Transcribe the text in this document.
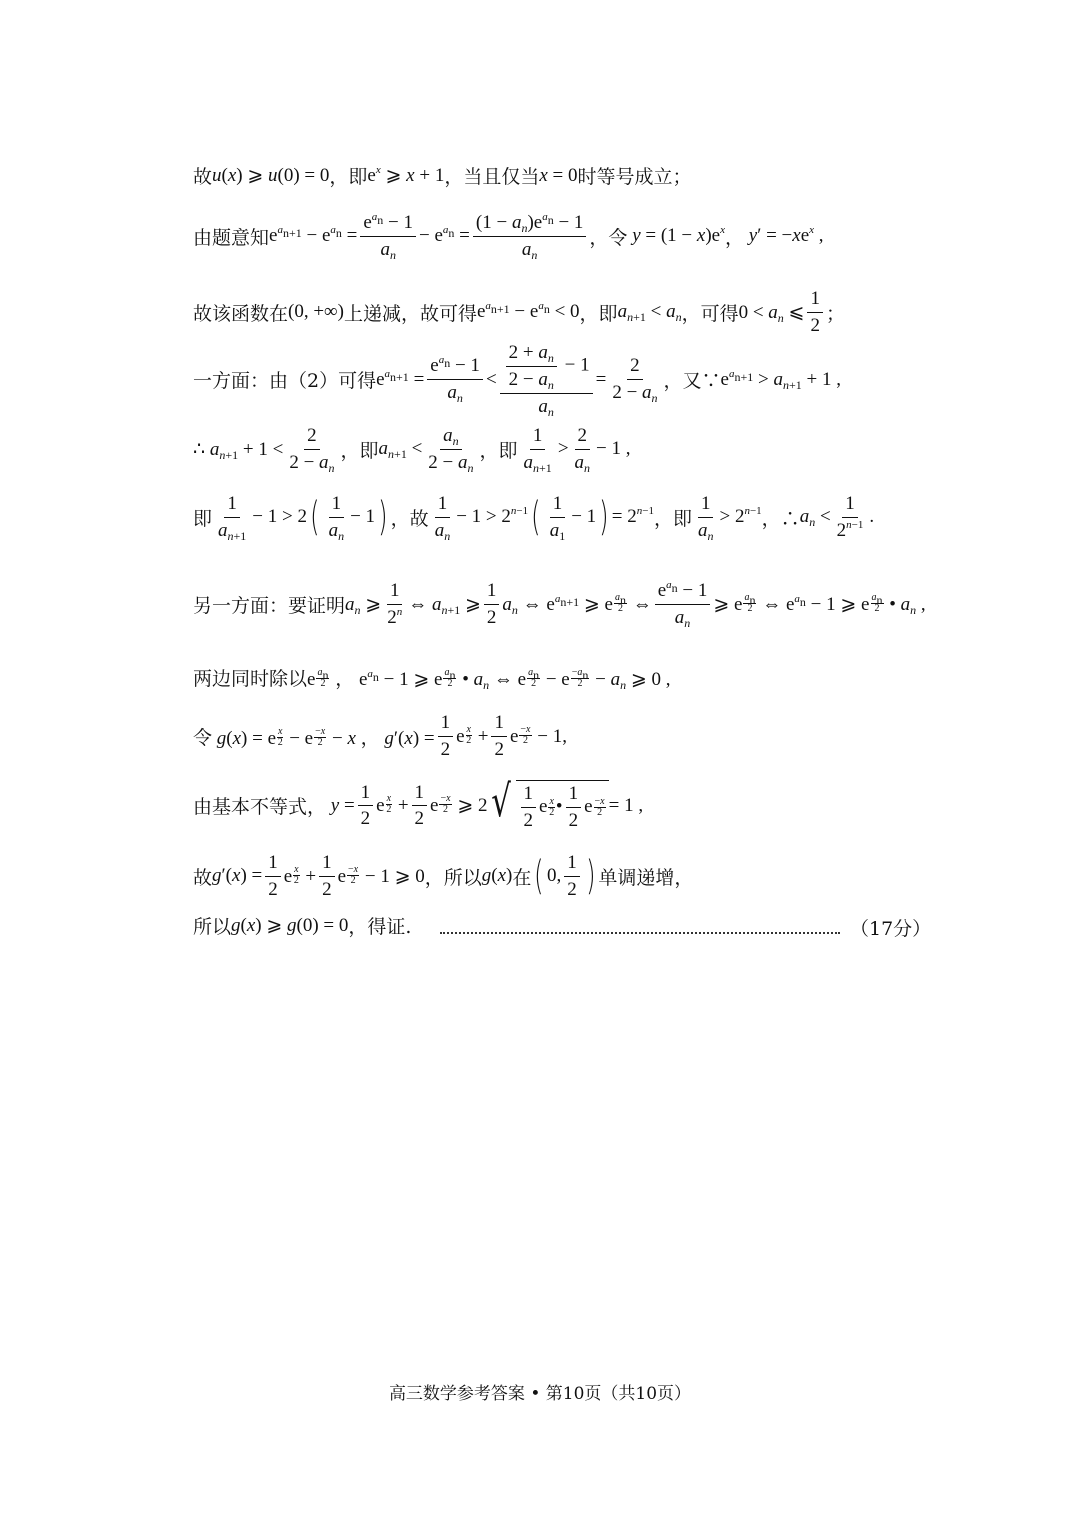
故 u(x) ⩾ u(0) = 0 ，即 $e^x$ ⩾ x + 1 ，当且仅当 x = 0 时等号成立；
由题意知 $e^{a_{n+1}} - e^{a_n} = \frac{e^{a_n} - 1}{a_n} - e^{a_n} = \frac{(1 - a_n)e^{a_n} - 1}{a_n}$ ，令 $y = (1 - x)e^x$ ， $y' = -xe^x$ ,
故该函数在 (0, +∞) 上递减，故可得 $e^{a_{n+1}} - e^{a_n} < 0$ ，即 $a_{n+1} < a_n$ ，可得 $0 < a_n$ ⩽ $\frac{1}{2}$ ；
一方面：由（2）可得 $e^{a_{n+1}} = \frac{e^{a_n} - 1}{a_n} < \frac{\frac{2 + a_n}{2 - a_n} - 1}{a_n} = \frac{2}{2 - a_n}$ ，又∵ $e^{a_{n+1}} > a_{n+1} + 1$ ,
∴ $a_{n+1} + 1 < \frac{2}{2 - a_n}$ ，即 $a_{n+1} < \frac{a_n}{2 - a_n}$ ，即 $\frac{1}{a_{n+1}} > \frac{2}{a_n} - 1$ ,
即 $\frac{1}{a_{n+1}} - 1 > 2$ ( $\frac{1}{a_n} - 1$ ) ，故 $\frac{1}{a_n} - 1 > 2^{n-1}$ ( $\frac{1}{a_1} - 1$ ) = $2^{n-1}$ ，即 $\frac{1}{a_n} > 2^{n-1}$ ，∴ $a_n < \frac{1}{2^{n-1}}$ .
另一方面：要证明 $a_n$ ⩾ $\frac{1}{2^n}$ ⇔ $a_{n+1}$ ⩾ $\frac{1}{2} a_n$ ⇔ $e^{a_{n+1}}$ ⩾ e $\frac{a_n}{2}$ ⇔ $\frac{e^{a_n} - 1}{a_n}$ ⩾ e $\frac{a_n}{2}$ ⇔ $e^{a_n} - 1$ ⩾ e $\frac{a_n}{2}$ • $a_n$ ,
两边同时除以 e $\frac{a_n}{2}$ ， $e^{a_n} - 1$ ⩾ e $\frac{a_n}{2}$ • $a_n$ ⇔ e $\frac{a_n}{2} - e \frac{-a_n}{2} - a_n$ ⩾ 0 ,
令 g(x) = e $\frac{x}{2} - e \frac{-x}{2} - x$ ， $g'(x) = \frac{1}{2}$ e $\frac{x}{2} + \frac{1}{2}$ e $\frac{-x}{2} - 1$,
由基本不等式， $y = \frac{1}{2}$ e $\frac{x}{2} + \frac{1}{2}$ e $\frac{-x}{2}$ ⩾ 2 √ $\frac{1}{2}$ e $\frac{x}{2}$ • $\frac{1}{2}$ e $\frac{-x}{2} = 1$ ,
故 $g'(x) = \frac{1}{2}$ e $\frac{x}{2} + \frac{1}{2}$ e $\frac{-x}{2} - 1$ ⩾ 0 ，所以 g(x) 在 ( 0, $\frac{1}{2}$ ) 单调递增，
所以 g(x) ⩾ g(0) = 0 ，得证.	（17分）
高三数学参考答案 • 第10页（共10页）
